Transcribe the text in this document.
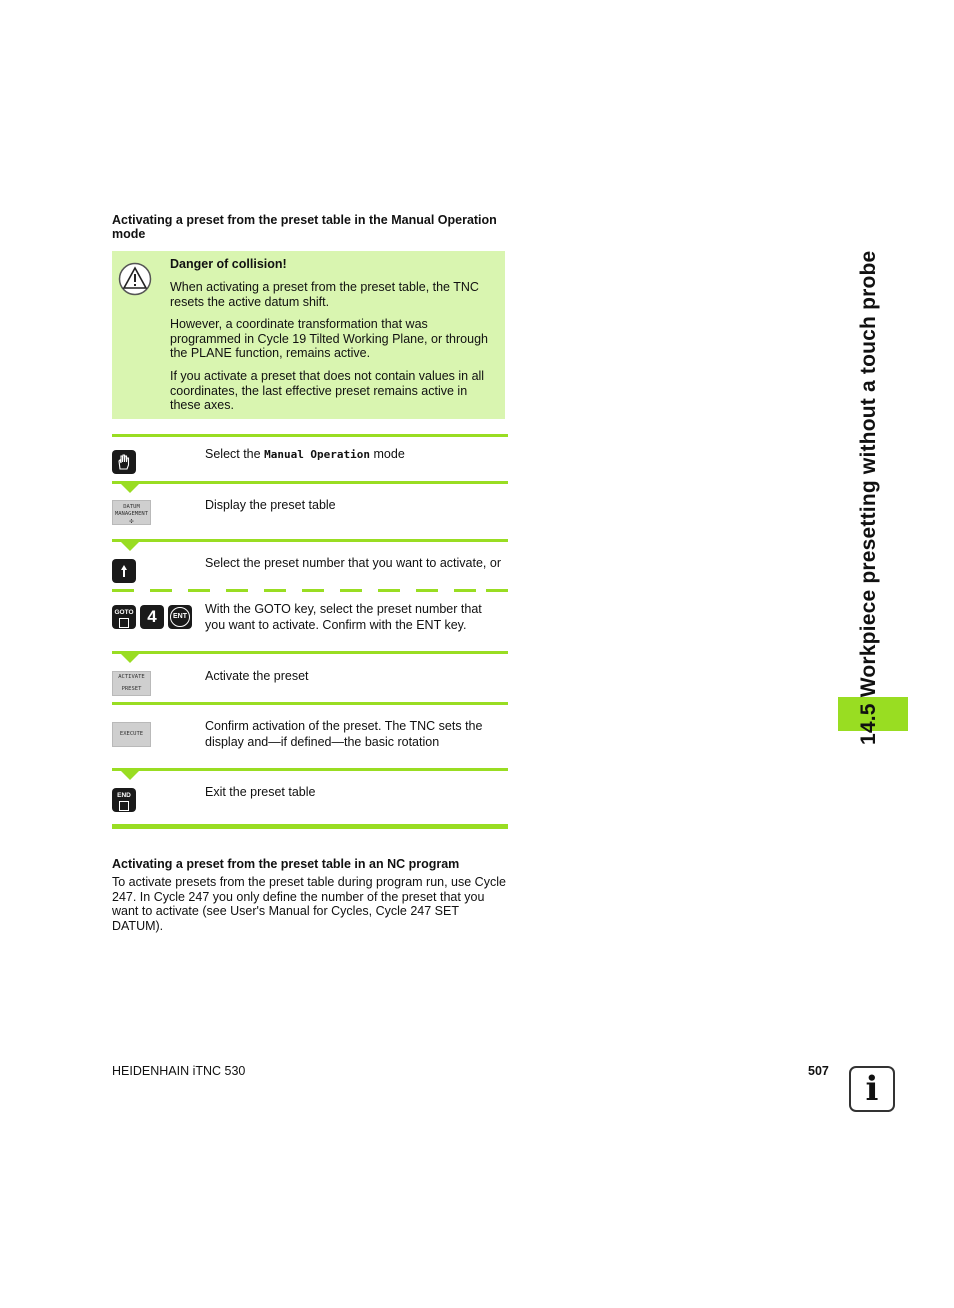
Activating a preset from the preset table in the Manual Operation mode
Danger of collision!
When activating a preset from the preset table, the TNC resets the active datum shift.
However, a coordinate transformation that was programmed in Cycle 19 Tilted Working Plane, or through the PLANE function, remains active.
If you activate a preset that does not contain values in all coordinates, the last effective preset remains active in these axes.
Select the Manual Operation mode
DATUM
MANAGEMENT
✣
Display the preset table
Select the preset number that you want to activate, or
GOTO 4	ENT
With the GOTO key, select the preset number that you want to activate. Confirm with the ENT key.
ACTIVATE
PRESET
Activate the preset
EXECUTE
Confirm activation of the preset. The TNC sets the display and—if defined—the basic rotation
END	Exit the preset table
Activating a preset from the preset table in an NC program
To activate presets from the preset table during program run, use Cycle 247. In Cycle 247 you only define the number of the preset that you want to activate (see User's Manual for Cycles, Cycle 247 SET DATUM).
14.5 Workpiece presetting without a touch probe
HEIDENHAIN iTNC 530	507	i
